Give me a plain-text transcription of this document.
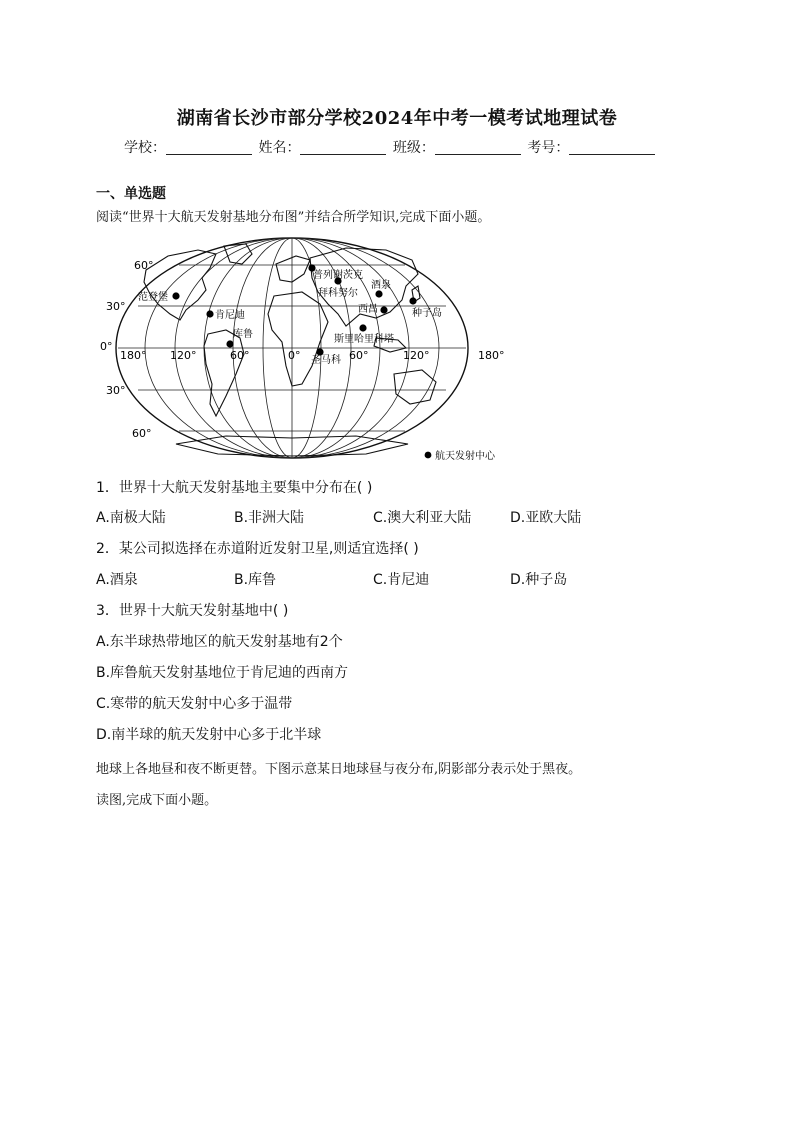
湖南省长沙市部分学校2024年中考一模考试地理试卷
学校：	姓名：	班级：	考号：
一、单选题
阅读“世界十大航天发射基地分布图”并结合所学知识,完成下面小题。
60°
30°
0°
30°
60°
180° 120°	60°	0°	60°	120°	180°
普列谢茨克
拜科努尔
酒泉
范登堡
西昌	种子岛
肯尼迪
库鲁	斯里哈里科塔
圣马科
航天发射中心
1．世界十大航天发射基地主要集中分布在( )
A.南极大陆	B.非洲大陆	C.澳大利亚大陆	D.亚欧大陆
2．某公司拟选择在赤道附近发射卫星,则适宜选择( )
A.酒泉	B.库鲁	C.肯尼迪	D.种子岛
3．世界十大航天发射基地中( )
A.东半球热带地区的航天发射基地有2个
B.库鲁航天发射基地位于肯尼迪的西南方
C.寒带的航天发射中心多于温带
D.南半球的航天发射中心多于北半球
地球上各地昼和夜不断更替。下图示意某日地球昼与夜分布,阴影部分表示处于黑夜。
读图,完成下面小题。
